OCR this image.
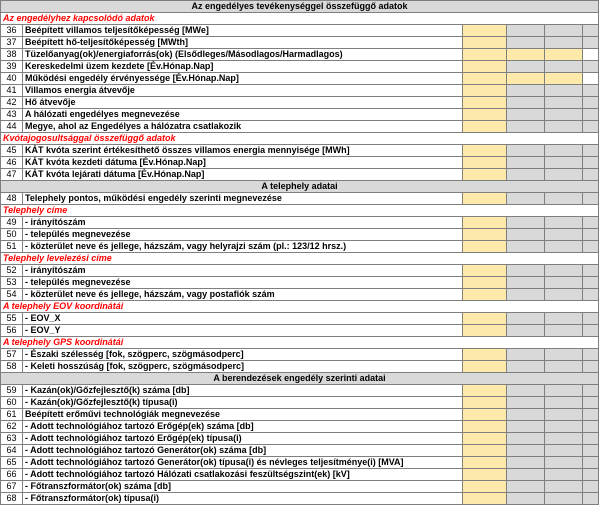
Az engedélyes tevékenységgel összefüggő adatok					
Az engedélyhez kapcsolódó adatok					
36	Beépített villamos teljesítőképesség [MWe]				
37	Beépített hő-teljesítőképesség [MWth]				
38	Tüzelőanyag(ok)/energiaforrás(ok) (Elsődleges/Másodlagos/Harmadlagos)				
39	Kereskedelmi üzem kezdete [Év.Hónap.Nap]				
40	Működési engedély érvényessége [Év.Hónap.Nap]				
41	Villamos energia átvevője				
42	Hő átvevője				
43	A hálózati engedélyes megnevezése				
44	Megye, ahol az Engedélyes a hálózatra csatlakozik				
Kvótajogosultsággal összefüggő adatok					
45	KÁT kvóta szerint értékesíthető összes villamos energia mennyisége [MWh]				
46	KÁT kvóta kezdeti dátuma [Év.Hónap.Nap]				
47	KÁT kvóta lejárati dátuma [Év.Hónap.Nap]				
A telephely adatai					
48	Telephely pontos, működési engedély szerinti megnevezése				
Telephely címe					
49	- irányítószám				
50	- település megnevezése				
51	- közterület neve és jellege, házszám, vagy helyrajzi szám (pl.: 123/12 hrsz.)				
Telephely levelezési címe					
52	- irányítószám				
53	- település megnevezése				
54	- közterület neve és jellege, házszám, vagy postafiók szám				
A telephely EOV koordinátái					
55	- EOV_X				
56	- EOV_Y				
A telephely GPS koordinátái					
57	- Északi szélesség [fok, szögperc, szögmásodperc]				
58	- Keleti hosszúság [fok, szögperc, szögmásodperc]				
A berendezések engedély szerinti adatai					
59	- Kazán(ok)/Gőzfejlesztő(k) száma [db]				
60	- Kazán(ok)/Gőzfejlesztő(k) típusa(i)				
61	Beépített erőművi technológiák megnevezése				
62	- Adott technológiához tartozó Erőgép(ek) száma [db]				
63	- Adott technológiához tartozó Erőgép(ek) típusa(i)				
64	- Adott technológiához tartozó Generátor(ok) száma [db]				
65	- Adott technológiához tartozó Generátor(ok) típusa(i) és névleges teljesítménye(i) [MVA]				
66	- Adott technológiához tartozó Hálózati csatlakozási feszültségszint(ek) [kV]				
67	- Főtranszformátor(ok) száma [db]				
68	- Főtranszformátor(ok) típusa(i)				
